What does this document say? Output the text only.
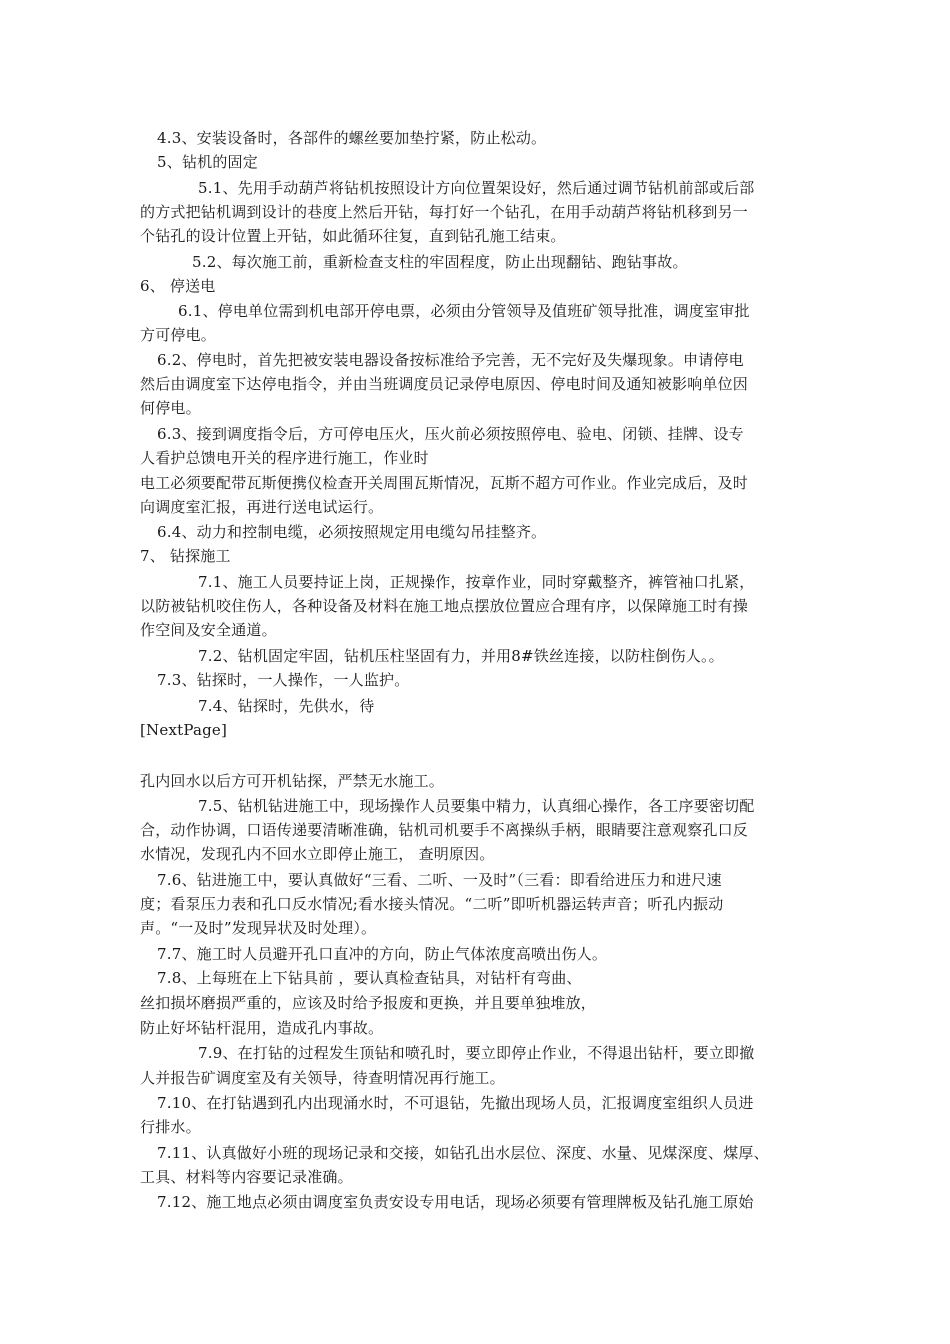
4.3、安装设备时，各部件的螺丝要加垫拧紧，防止松动。
5、钻机的固定
5.1、先用手动葫芦将钻机按照设计方向位置架设好，然后通过调节钻机前部或后部
的方式把钻机调到设计的巷度上然后开钻，每打好一个钻孔，在用手动葫芦将钻机移到另一
个钻孔的设计位置上开钻，如此循环往复，直到钻孔施工结束。
5.2、每次施工前，重新检查支柱的牢固程度，防止出现翻钻、跑钻事故。
6、 停送电
6.1、停电单位需到机电部开停电票，必须由分管领导及值班矿领导批准，调度室审批
方可停电。
6.2、停电时，首先把被安装电器设备按标准给予完善，无不完好及失爆现象。申请停电
然后由调度室下达停电指令，并由当班调度员记录停电原因、停电时间及通知被影响单位因
何停电。
6.3、接到调度指令后，方可停电压火，压火前必须按照停电、验电、闭锁、挂牌、设专
人看护总馈电开关的程序进行施工，作业时
电工必须要配带瓦斯便携仪检查开关周围瓦斯情况，瓦斯不超方可作业。作业完成后，及时
向调度室汇报，再进行送电试运行。
6.4、动力和控制电缆，必须按照规定用电缆勾吊挂整齐。
7、 钻探施工
7.1、施工人员要持证上岗，正规操作，按章作业，同时穿戴整齐，裤管袖口扎紧，
以防被钻机咬住伤人，各种设备及材料在施工地点摆放位置应合理有序，以保障施工时有操
作空间及安全通道。
7.2、钻机固定牢固，钻机压柱坚固有力，并用8#铁丝连接，以防柱倒伤人。。
7.3、钻探时，一人操作，一人监护。
7.4、钻探时，先供水，待
[NextPage]
孔内回水以后方可开机钻探，严禁无水施工。
7.5、钻机钻进施工中，现场操作人员要集中精力，认真细心操作，各工序要密切配
合，动作协调，口语传递要清晰准确，钻机司机要手不离操纵手柄，眼睛要注意观察孔口反
水情况，发现孔内不回水立即停止施工， 查明原因。
7.6、钻进施工中，要认真做好“三看、二听、一及时”（三看：即看给进压力和进尺速
度；看泵压力表和孔口反水情况;看水接头情况。“二听”即听机器运转声音；听孔内振动
声。“一及时”发现异状及时处理）。
7.7、施工时人员避开孔口直冲的方向，防止气体浓度高喷出伤人。
7.8、上每班在上下钻具前 ，要认真检查钻具，对钻杆有弯曲、
丝扣损坏磨损严重的，应该及时给予报废和更换，并且要单独堆放，
防止好坏钻杆混用，造成孔内事故。
7.9、在打钻的过程发生顶钻和喷孔时，要立即停止作业，不得退出钻杆，要立即撤
人并报告矿调度室及有关领导，待查明情况再行施工。
7.10、在打钻遇到孔内出现涌水时，不可退钻，先撤出现场人员，汇报调度室组织人员进
行排水。
7.11、认真做好小班的现场记录和交接，如钻孔出水层位、深度、水量、见煤深度、煤厚、
工具、材料等内容要记录准确。
7.12、施工地点必须由调度室负责安设专用电话，现场必须要有管理牌板及钻孔施工原始
